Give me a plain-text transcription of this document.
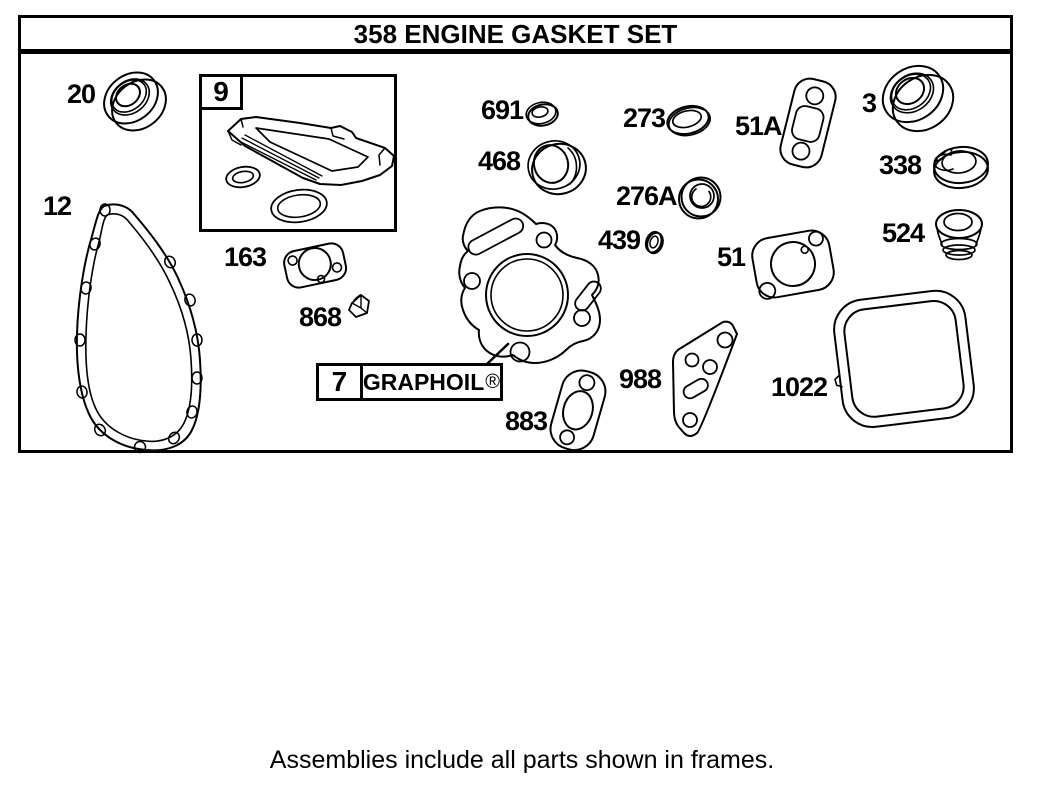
358 ENGINE GASKET SET
20
12
163
868
691
468
273
276A
439
51A
3
338
524
51
988	1022
883
9
7 GRAPHOIL ®
Assemblies include all parts shown in frames.
